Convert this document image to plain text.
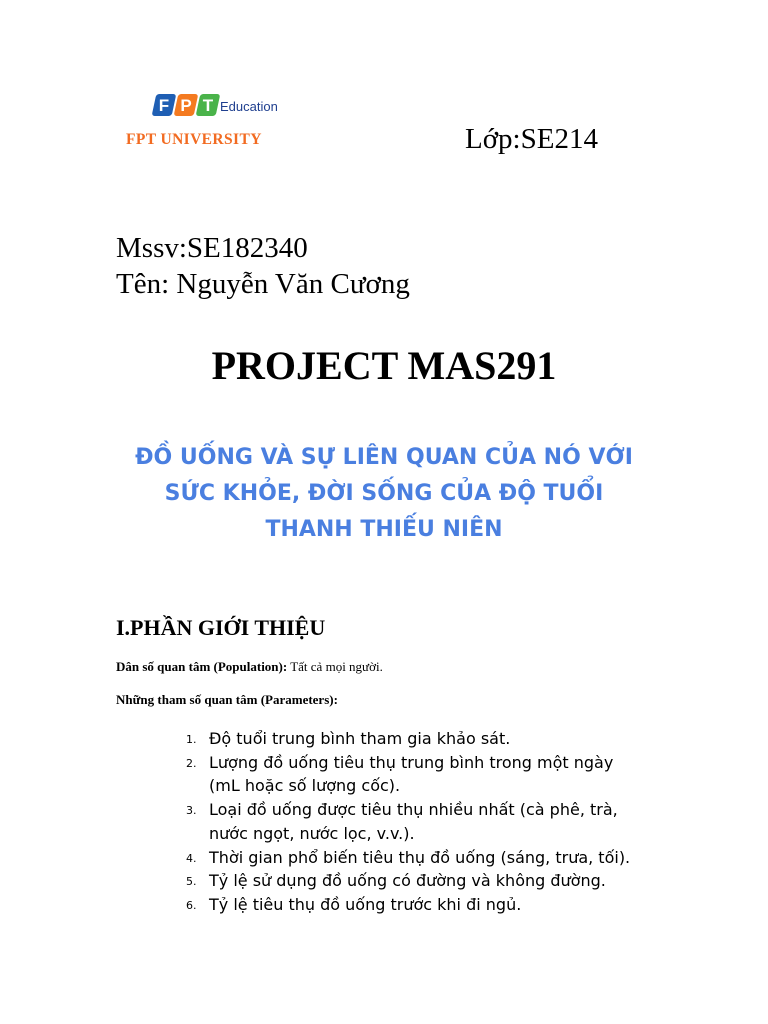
F P T Education
FPT UNIVERSITY	Lớp:SE214
Mssv:SE182340
Tên: Nguyễn Văn Cương
PROJECT MAS291
ĐỒ UỐNG VÀ SỰ LIÊN QUAN CỦA NÓ VỚI
SỨC KHỎE, ĐỜI SỐNG CỦA ĐỘ TUỔI
THANH THIẾU NIÊN
I.PHẦN GIỚI THIỆU
Dân số quan tâm (Population): Tất cả mọi người.
Những tham số quan tâm (Parameters):
1. Độ tuổi trung bình tham gia khảo sát.
2. Lượng đồ uống tiêu thụ trung bình trong một ngày
(mL hoặc số lượng cốc).
3. Loại đồ uống được tiêu thụ nhiều nhất (cà phê, trà,
nước ngọt, nước lọc, v.v.).
4. Thời gian phổ biến tiêu thụ đồ uống (sáng, trưa, tối).
5. Tỷ lệ sử dụng đồ uống có đường và không đường.
6. Tỷ lệ tiêu thụ đồ uống trước khi đi ngủ.
